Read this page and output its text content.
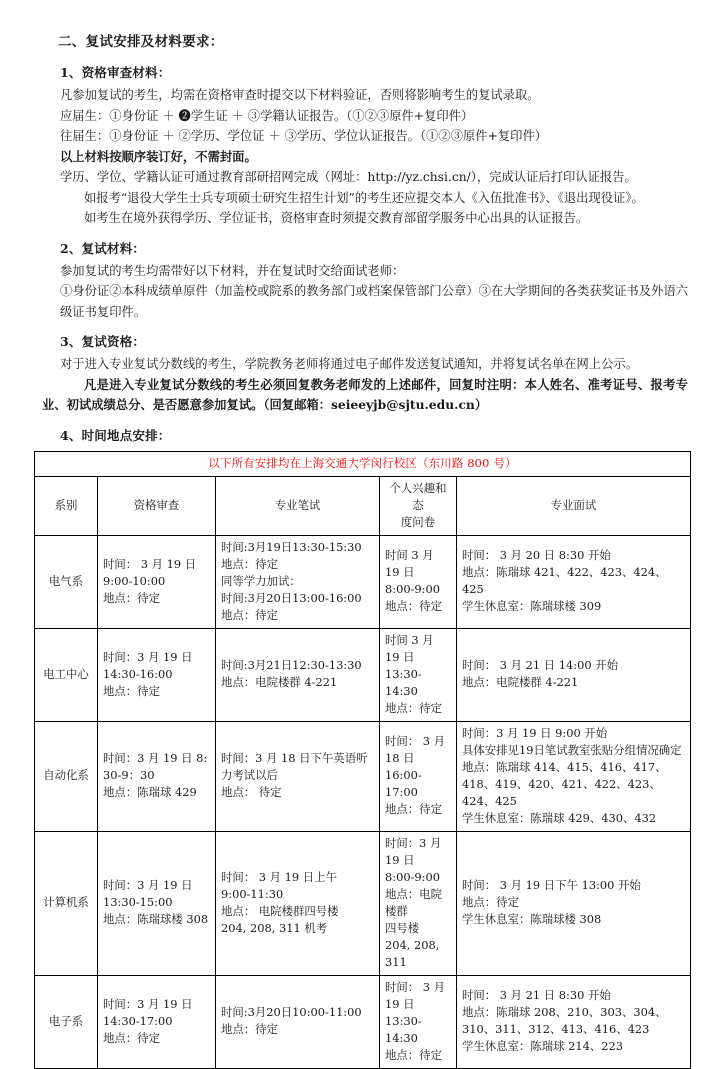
二、复试安排及材料要求：
1、资格审查材料：

凡参加复试的考生，均需在资格审查时提交以下材料验证，否则将影响考生的复试录取。

应届生：①身份证 ＋ ❷学生证 ＋ ③学籍认证报告。（①②③原件+复印件）

往届生：①身份证 ＋ ②学历、学位证 ＋ ③学历、学位认证报告。（①②③原件+复印件）

以上材料按顺序装订好，不需封面。

学历、学位、学籍认证可通过教育部研招网完成（网址：http://yz.chsi.cn/），完成认证后打印认证报告。

如报考“退役大学生士兵专项硕士研究生招生计划”的考生还应提交本人《入伍批准书》、《退出现役证》。

如考生在境外获得学历、学位证书，资格审查时须提交教育部留学服务中心出具的认证报告。

2、复试材料：

参加复试的考生均需带好以下材料，并在复试时交给面试老师：

①身份证②本科成绩单原件（加盖校或院系的教务部门或档案保管部门公章）③在大学期间的各类获奖证书及外语六级证书复印件。

3、复试资格：

对于进入专业复试分数线的考生，学院教务老师将通过电子邮件发送复试通知，并将复试名单在网上公示。

凡是进入专业复试分数线的考生必须回复教务老师发的上述邮件，回复时注明：本人姓名、准考证号、报考专业、初试成绩总分、是否愿意参加复试。（回复邮箱：seieeyjb@sjtu.edu.cn）

4、时间地点安排：
以下所有安排均在上海交通大学闵行校区（东川路 800 号）				
系别	资格审查	专业笔试	个人兴趣和态
度问卷	专业面试
电气系	时间： 3 月 19 日
9:00-10:00
地点：待定	时间:3月19日13:30-15:30
地点：待定
同等学力加试：
时间:3月20日13:00-16:00
地点：待定	时间 3 月 19 日
8:00-9:00
地点：待定	时间： 3 月 20 日 8:30 开始
地点：陈瑞球 421、422、423、424、425
学生休息室：陈瑞球楼 309

电工中心	时间：3 月 19 日
14:30-16:00
地点：待定	时间:3月21日12:30-13:30
地点：电院楼群 4-221	时间 3 月 19 日
13:30-14:30
地点：待定	时间： 3 月 21 日 14:00 开始
地点：电院楼群 4-221

自动化系	时间：3 月 19 日 8:
30-9：30
地点：陈瑞球 429	时间：3 月 18 日下午英语听
力考试以后
地点： 待定	时间： 3 月 18 日
16:00-17:00
地点：待定	时间：3 月 19 日 9:00 开始
具体安排见19日笔试教室张贴分组情况确定
地点：陈瑞球 414、415、416、417、418、419、420、421、422、423、424、425
学生休息室：陈瑞球 429、430、432

计算机系	时间：3 月 19 日
13:30-15:00
地点：陈瑞球楼 308	时间： 3 月 19 日上午
9:00-11:30
地点： 电院楼群四号楼
204, 208, 311 机考	时间：3 月 19 日
8:00-9:00
地点：电院楼群
四号楼
204, 208, 311	时间： 3 月 19 日下午 13:00 开始
地点：待定
学生休息室：陈瑞球楼 308

电子系	时间：3 月 19 日
14:30-17:00
地点：待定	时间:3月20日10:00-11:00
地点：待定	时间： 3 月 19 日
13:30-14:30
地点：待定	时间： 3 月 21 日 8:30 开始
地点：陈瑞球 208、210、303、304、310、311、312、413、416、423
学生休息室：陈瑞球 214、223
